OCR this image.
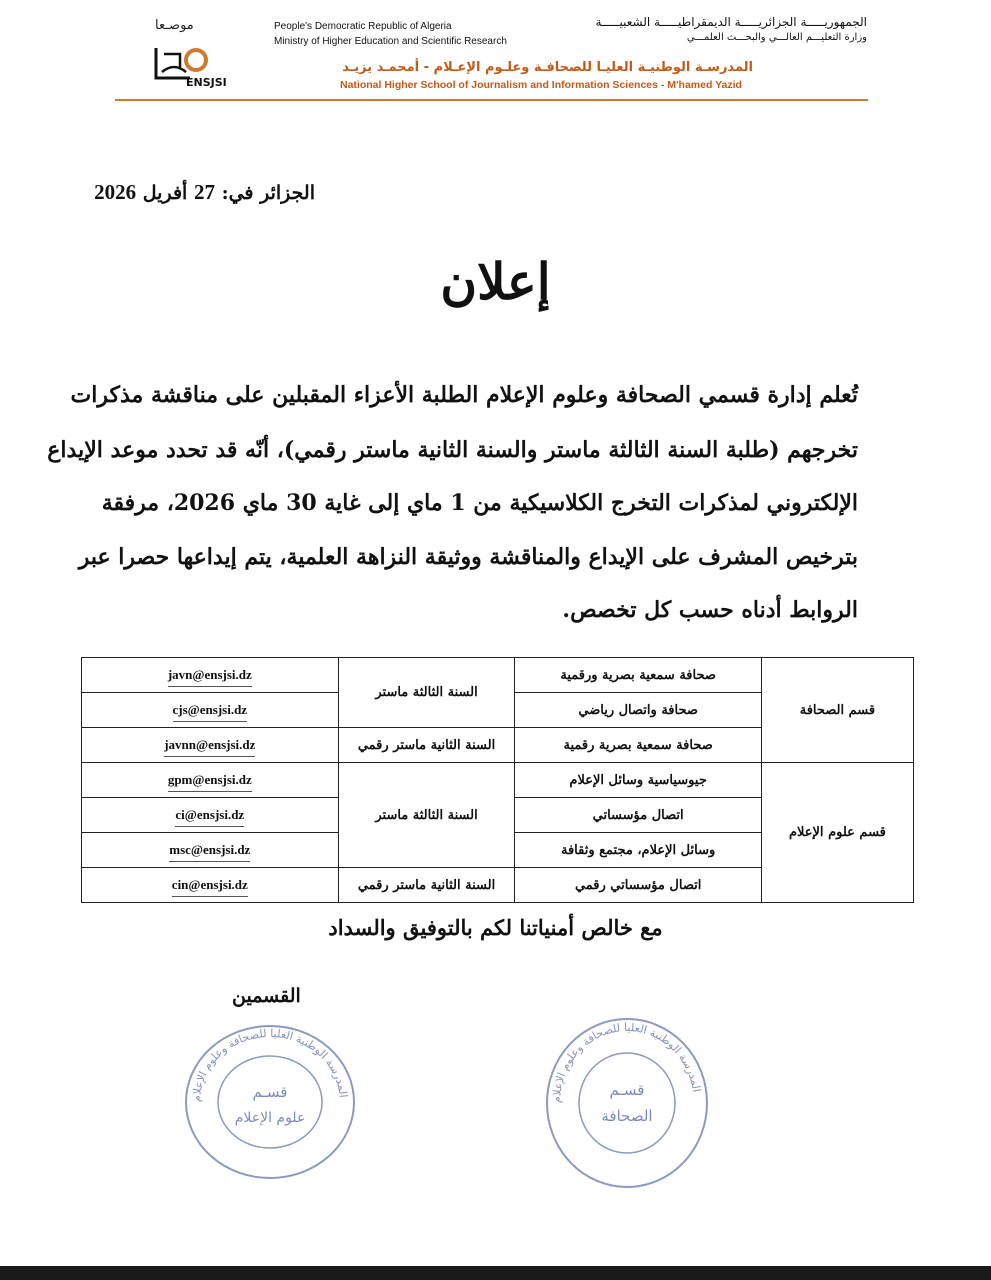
موصـعا
ENSJSI
People's Democratic Republic of Algeria
Ministry of Higher Education and Scientific Research
الجمهوريـــــة الجزائريـــــة الديمقراطيـــــة الشعبيـــــة
وزارة التعليـــم العالـــي والبحـــث العلمـــي
المدرسـة الوطنيـة العليـا للصحافـة وعلـوم الإعـلام - أمحمـد يزيـد
National Higher School of Journalism and Information Sciences - M'hamed Yazid
الجزائر في: 27 أفريل 2026
إعلان
تُعلم إدارة قسمي الصحافة وعلوم الإعلام الطلبة الأعزاء المقبلين على مناقشة مذكرات
تخرجهم (طلبة السنة الثالثة ماستر والسنة الثانية ماستر رقمي)، أنّه قد تحدد موعد الإيداع
الإلكتروني لمذكرات التخرج الكلاسيكية من 1 ماي إلى غاية 30 ماي 2026، مرفقة
بترخيص المشرف على الإيداع والمناقشة ووثيقة النزاهة العلمية، يتم إيداعها حصرا عبر
الروابط أدناه حسب كل تخصص.
javn@ensjsi.dz	السنة الثالثة ماستر	صحافة سمعية بصرية ورقمية	قسم الصحافة
cjs@ensjsi.dz		صحافة واتصال رياضي	
javnn@ensjsi.dz	السنة الثانية ماستر رقمي	صحافة سمعية بصرية رقمية	
gpm@ensjsi.dz	السنة الثالثة ماستر	جيوسياسية وسائل الإعلام	قسم علوم الإعلام
ci@ensjsi.dz		اتصال مؤسساتي	
msc@ensjsi.dz		وسائل الإعلام، مجتمع وثقافة	
cin@ensjsi.dz	السنة الثانية ماستر رقمي	اتصال مؤسساتي رقمي	
مع خالص أمنياتنا لكم بالتوفيق والسداد
القسمين
المدرسة الوطنية العليا للصحافة وعلوم الإعلام
قسـم
علوم الإعلام
المدرسة الوطنية العليا للصحافة وعلوم الإعلام
قسـم
الصحافة
